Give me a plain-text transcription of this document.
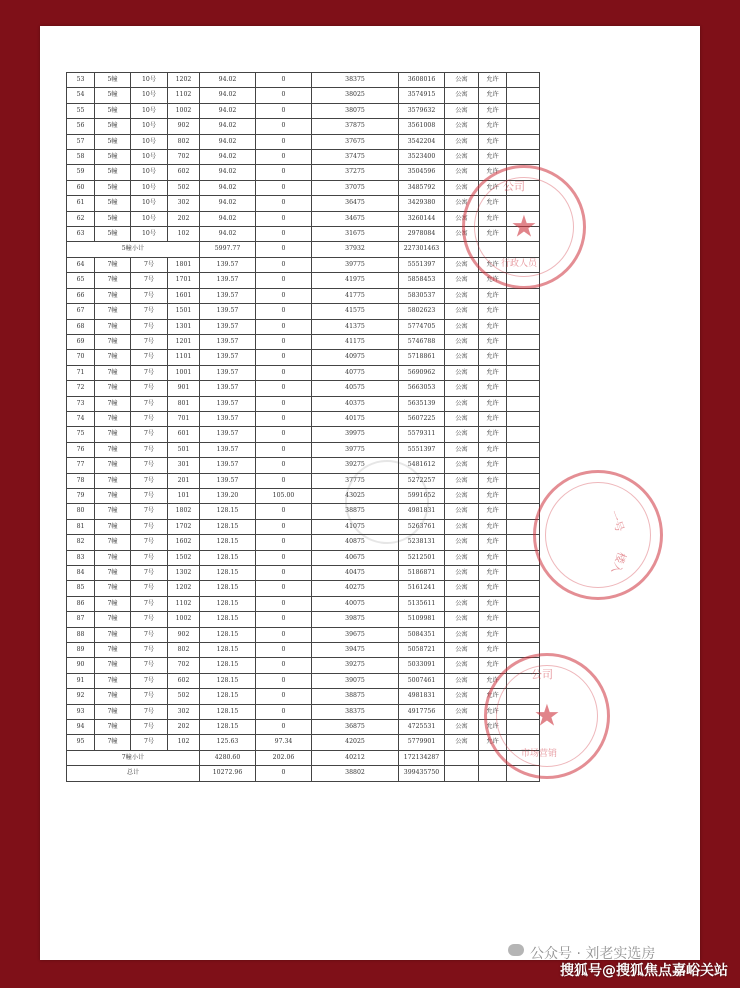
53	5幢	10号	1202	94.02	0	38375	3608016	公寓	允许	
54	5幢	10号	1102	94.02	0	38025	3574915	公寓	允许	
55	5幢	10号	1002	94.02	0	38075	3579632	公寓	允许	
56	5幢	10号	902	94.02	0	37875	3561008	公寓	允许	
57	5幢	10号	802	94.02	0	37675	3542204	公寓	允许	
58	5幢	10号	702	94.02	0	37475	3523400	公寓	允许	
59	5幢	10号	602	94.02	0	37275	3504596	公寓	允许	
60	5幢	10号	502	94.02	0	37075	3485792	公寓	允许	
61	5幢	10号	302	94.02	0	36475	3429380	公寓	允许	
62	5幢	10号	202	94.02	0	34675	3260144	公寓	允许	
63	5幢	10号	102	94.02	0	31675	2978084	公寓	允许	
5幢小计				5997.77	0	37932	227301463			
64	7幢	7号	1801	139.57	0	39775	5551397	公寓	允许	
65	7幢	7号	1701	139.57	0	41975	5858453	公寓	允许	
66	7幢	7号	1601	139.57	0	41775	5830537	公寓	允许	
67	7幢	7号	1501	139.57	0	41575	5802623	公寓	允许	
68	7幢	7号	1301	139.57	0	41375	5774705	公寓	允许	
69	7幢	7号	1201	139.57	0	41175	5746788	公寓	允许	
70	7幢	7号	1101	139.57	0	40975	5718861	公寓	允许	
71	7幢	7号	1001	139.57	0	40775	5690962	公寓	允许	
72	7幢	7号	901	139.57	0	40575	5663053	公寓	允许	
73	7幢	7号	801	139.57	0	40375	5635139	公寓	允许	
74	7幢	7号	701	139.57	0	40175	5607225	公寓	允许	
75	7幢	7号	601	139.57	0	39975	5579311	公寓	允许	
76	7幢	7号	501	139.57	0	39775	5551397	公寓	允许	
77	7幢	7号	301	139.57	0	39275	5481612	公寓	允许	
78	7幢	7号	201	139.57	0	37775	5272257	公寓	允许	
79	7幢	7号	101	139.20	105.00	43025	5991652	公寓	允许	
80	7幢	7号	1802	128.15	0	38875	4981831	公寓	允许	
81	7幢	7号	1702	128.15	0	41075	5263761	公寓	允许	
82	7幢	7号	1602	128.15	0	40875	5238131	公寓	允许	
83	7幢	7号	1502	128.15	0	40675	5212501	公寓	允许	
84	7幢	7号	1302	128.15	0	40475	5186871	公寓	允许	
85	7幢	7号	1202	128.15	0	40275	5161241	公寓	允许	
86	7幢	7号	1102	128.15	0	40075	5135611	公寓	允许	
87	7幢	7号	1002	128.15	0	39875	5109981	公寓	允许	
88	7幢	7号	902	128.15	0	39675	5084351	公寓	允许	
89	7幢	7号	802	128.15	0	39475	5058721	公寓	允许	
90	7幢	7号	702	128.15	0	39275	5033091	公寓	允许	
91	7幢	7号	602	128.15	0	39075	5007461	公寓	允许	
92	7幢	7号	502	128.15	0	38875	4981831	公寓	允许	
93	7幢	7号	302	128.15	0	38375	4917756	公寓	允许	
94	7幢	7号	202	128.15	0	36875	4725531	公寓	允许	
95	7幢	7号	102	125.63	97.34	42025	5779901	公寓	允许	
7幢小计				4280.60	202.06	40212	172134287			
总计				10272.96	0	38802	399435750			
★
公司
行政人员
一号
楼入
★
公司
市场营销
公众号 · 刘老实选房
搜狐号@搜狐焦点嘉峪关站
